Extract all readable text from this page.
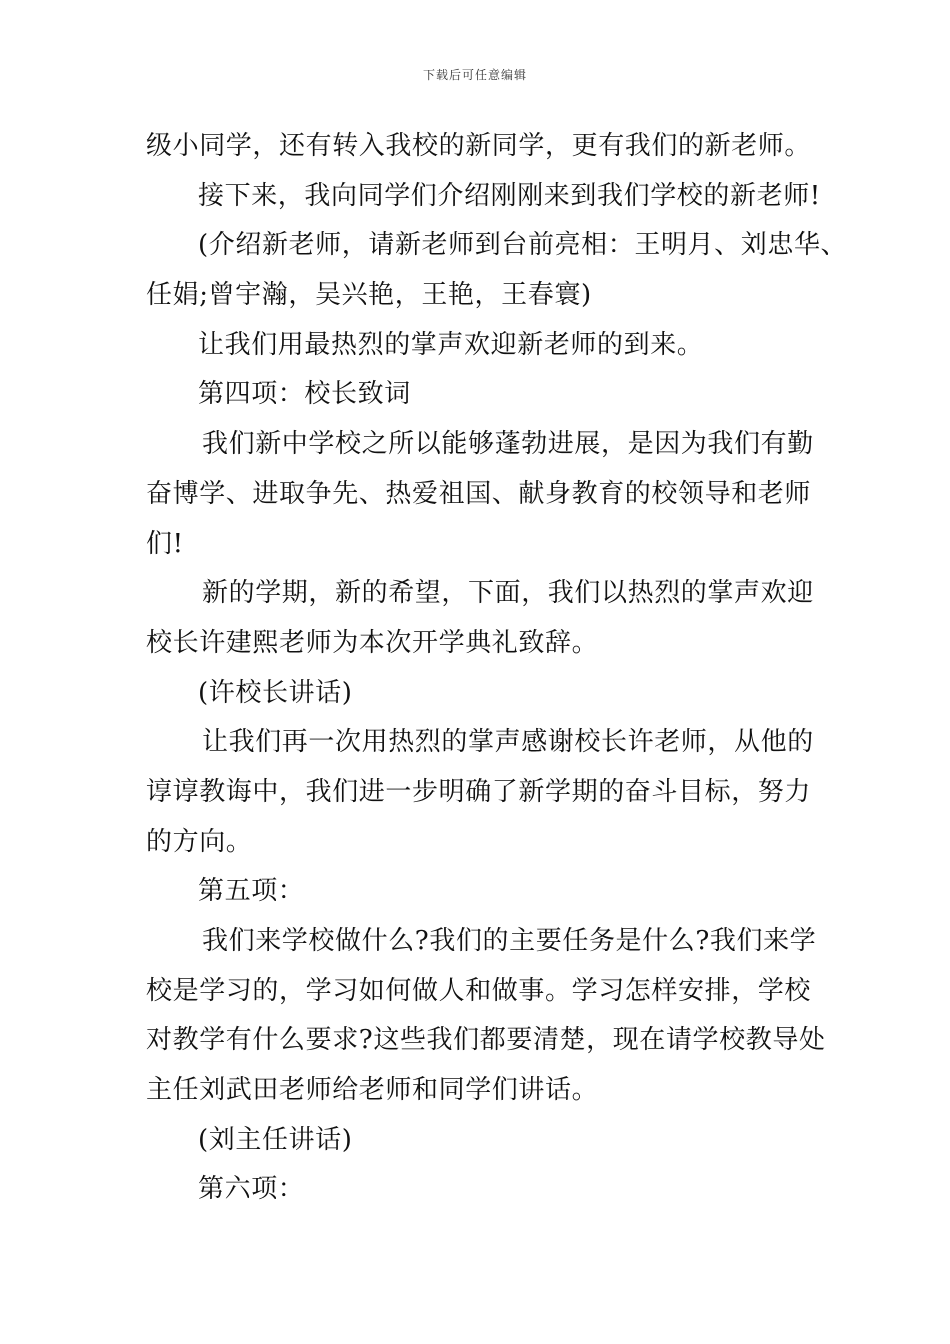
下载后可任意编辑
级小同学，还有转入我校的新同学，更有我们的新老师。
接下来，我向同学们介绍刚刚来到我们学校的新老师!
(介绍新老师，请新老师到台前亮相：王明月、刘忠华、
任娟;曾宇瀚，吴兴艳，王艳，王春寰)
让我们用最热烈的掌声欢迎新老师的到来。
第四项：校长致词
我们新中学校之所以能够蓬勃进展，是因为我们有勤
奋博学、进取争先、热爱祖国、献身教育的校领导和老师
们!
新的学期，新的希望，下面，我们以热烈的掌声欢迎
校长许建熙老师为本次开学典礼致辞。
(许校长讲话)
让我们再一次用热烈的掌声感谢校长许老师，从他的
谆谆教诲中，我们进一步明确了新学期的奋斗目标，努力
的方向。
第五项：
我们来学校做什么?我们的主要任务是什么?我们来学
校是学习的，学习如何做人和做事。学习怎样安排，学校
对教学有什么要求?这些我们都要清楚，现在请学校教导处
主任刘武田老师给老师和同学们讲话。
(刘主任讲话)
第六项：
